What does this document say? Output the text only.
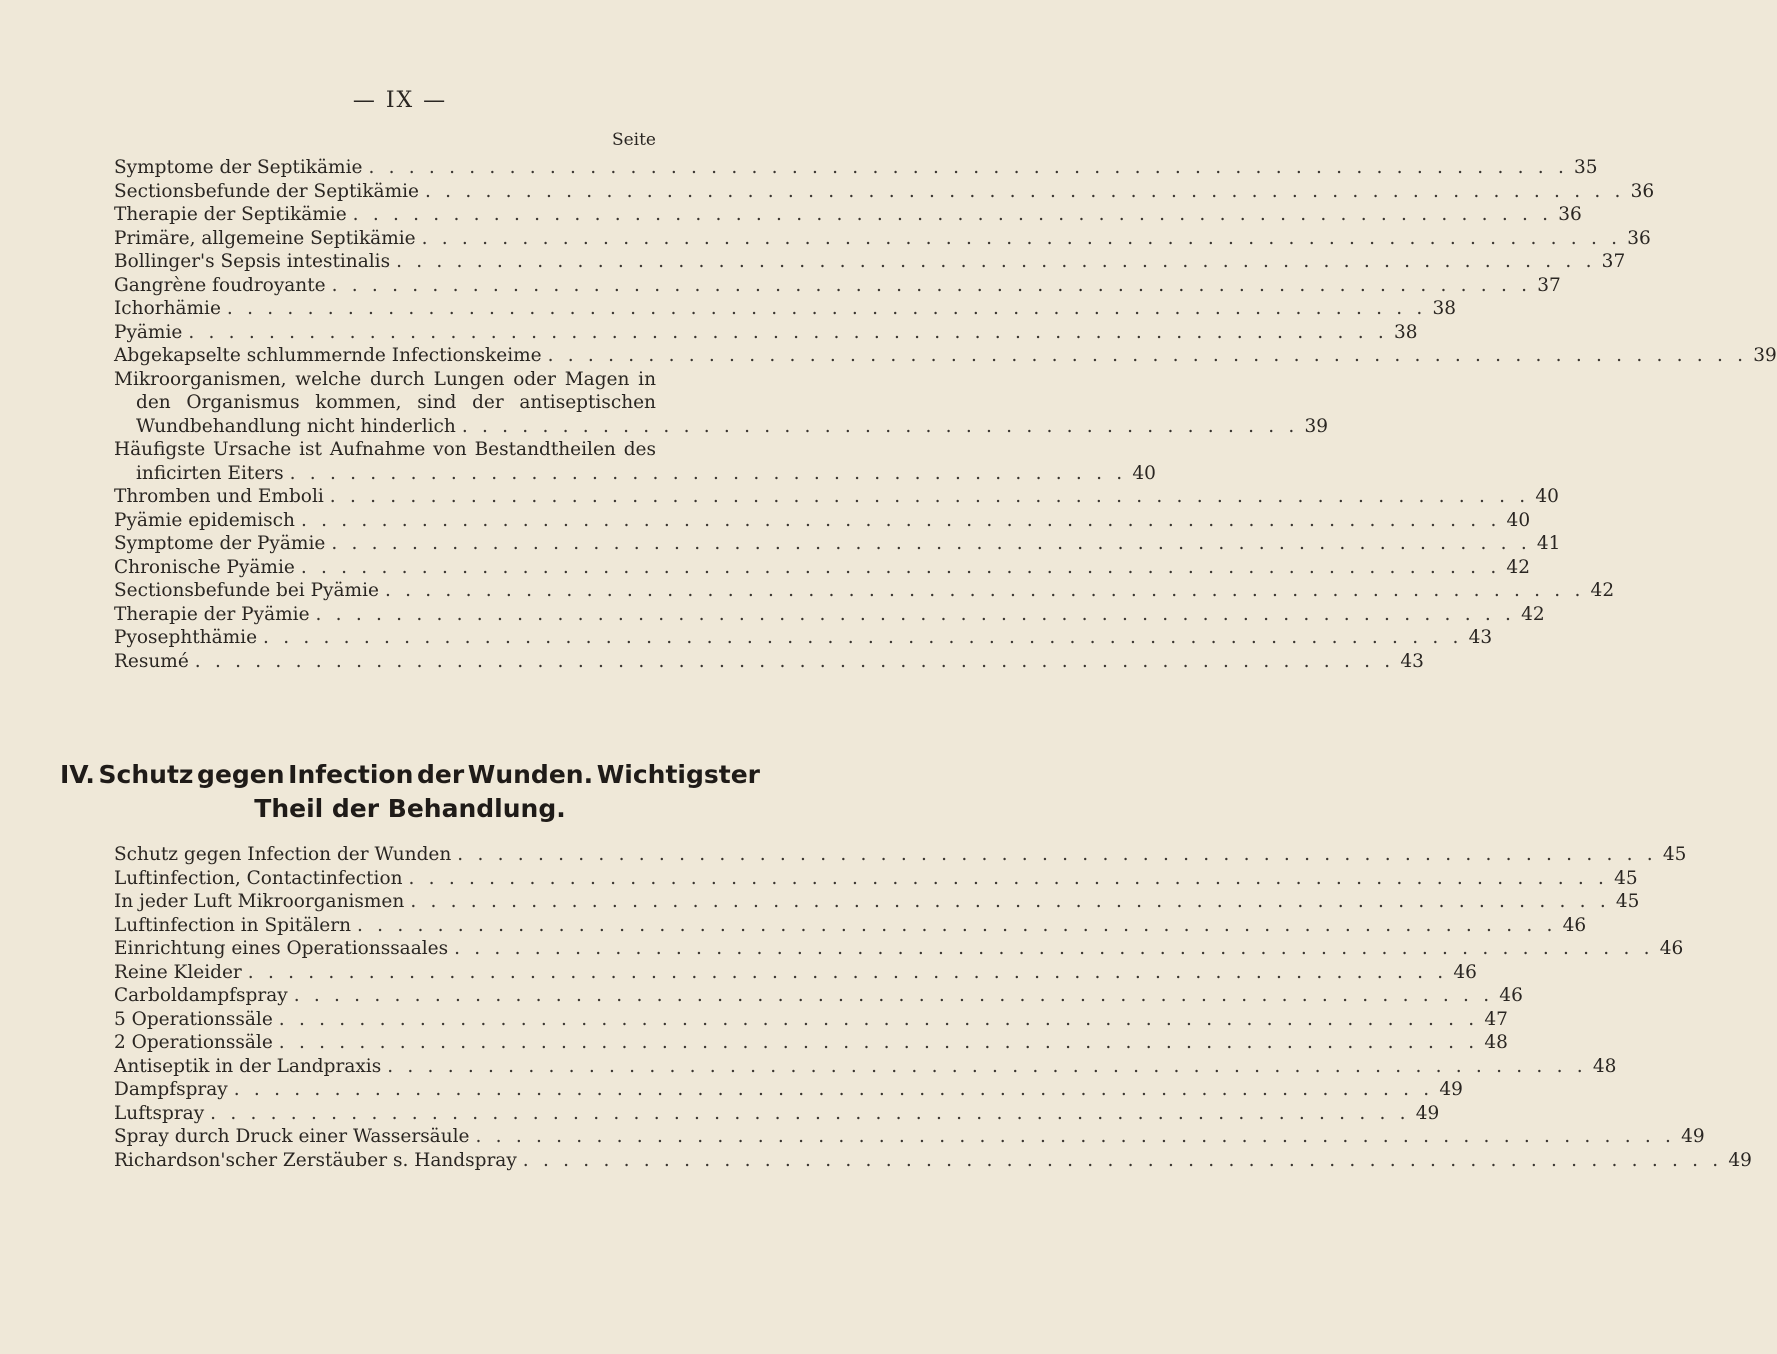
— IX —
Seite
Symptome der Septikämie . . . . . . . . . . . . . . . . . . . . . . . . . . . . . . . . . . . . . . . . . . . . . . . . . . . . . . . . . . . . 35
Sectionsbefunde der Septikämie . . . . . . . . . . . . . . . . . . . . . . . . . . . . . . . . . . . . . . . . . . . . . . . . . . . . . . . . . . . . 36
Therapie der Septikämie . . . . . . . . . . . . . . . . . . . . . . . . . . . . . . . . . . . . . . . . . . . . . . . . . . . . . . . . . . . . 36
Primäre, allgemeine Septikämie . . . . . . . . . . . . . . . . . . . . . . . . . . . . . . . . . . . . . . . . . . . . . . . . . . . . . . . . . . . . 36
Bollinger's Sepsis intestinalis . . . . . . . . . . . . . . . . . . . . . . . . . . . . . . . . . . . . . . . . . . . . . . . . . . . . . . . . . . . . 37
Gangrène foudroyante . . . . . . . . . . . . . . . . . . . . . . . . . . . . . . . . . . . . . . . . . . . . . . . . . . . . . . . . . . . . 37
Ichorhämie . . . . . . . . . . . . . . . . . . . . . . . . . . . . . . . . . . . . . . . . . . . . . . . . . . . . . . . . . . . . 38
Pyämie . . . . . . . . . . . . . . . . . . . . . . . . . . . . . . . . . . . . . . . . . . . . . . . . . . . . . . . . . . . . 38
Abgekapselte schlummernde Infectionskeime . . . . . . . . . . . . . . . . . . . . . . . . . . . . . . . . . . . . . . . . . . . . . . . . . . . . . . . . . . . . 39
Mikroorganismen, welche durch Lungen oder Magen in
den Organismus kommen, sind der antiseptischen
Wundbehandlung nicht hinderlich . . . . . . . . . . . . . . . . . . . . . . . . . . . . . . . . . . . . . . . . . . 39
Häufigste Ursache ist Aufnahme von Bestandtheilen des
inficirten Eiters . . . . . . . . . . . . . . . . . . . . . . . . . . . . . . . . . . . . . . . . . . 40
Thromben und Emboli . . . . . . . . . . . . . . . . . . . . . . . . . . . . . . . . . . . . . . . . . . . . . . . . . . . . . . . . . . . . 40
Pyämie epidemisch . . . . . . . . . . . . . . . . . . . . . . . . . . . . . . . . . . . . . . . . . . . . . . . . . . . . . . . . . . . . 40
Symptome der Pyämie . . . . . . . . . . . . . . . . . . . . . . . . . . . . . . . . . . . . . . . . . . . . . . . . . . . . . . . . . . . . 41
Chronische Pyämie . . . . . . . . . . . . . . . . . . . . . . . . . . . . . . . . . . . . . . . . . . . . . . . . . . . . . . . . . . . . 42
Sectionsbefunde bei Pyämie . . . . . . . . . . . . . . . . . . . . . . . . . . . . . . . . . . . . . . . . . . . . . . . . . . . . . . . . . . . . 42
Therapie der Pyämie . . . . . . . . . . . . . . . . . . . . . . . . . . . . . . . . . . . . . . . . . . . . . . . . . . . . . . . . . . . . 42
Pyosephthämie . . . . . . . . . . . . . . . . . . . . . . . . . . . . . . . . . . . . . . . . . . . . . . . . . . . . . . . . . . . . 43
Resumé . . . . . . . . . . . . . . . . . . . . . . . . . . . . . . . . . . . . . . . . . . . . . . . . . . . . . . . . . . . . 43
IV. Schutz gegen Infection der Wunden. Wichtigster
Theil der Behandlung.
Schutz gegen Infection der Wunden . . . . . . . . . . . . . . . . . . . . . . . . . . . . . . . . . . . . . . . . . . . . . . . . . . . . . . . . . . . . 45
Luftinfection, Contactinfection . . . . . . . . . . . . . . . . . . . . . . . . . . . . . . . . . . . . . . . . . . . . . . . . . . . . . . . . . . . . 45
In jeder Luft Mikroorganismen . . . . . . . . . . . . . . . . . . . . . . . . . . . . . . . . . . . . . . . . . . . . . . . . . . . . . . . . . . . . 45
Luftinfection in Spitälern . . . . . . . . . . . . . . . . . . . . . . . . . . . . . . . . . . . . . . . . . . . . . . . . . . . . . . . . . . . . 46
Einrichtung eines Operationssaales . . . . . . . . . . . . . . . . . . . . . . . . . . . . . . . . . . . . . . . . . . . . . . . . . . . . . . . . . . . . 46
Reine Kleider . . . . . . . . . . . . . . . . . . . . . . . . . . . . . . . . . . . . . . . . . . . . . . . . . . . . . . . . . . . . 46
Carboldampfspray . . . . . . . . . . . . . . . . . . . . . . . . . . . . . . . . . . . . . . . . . . . . . . . . . . . . . . . . . . . . 46
5 Operationssäle . . . . . . . . . . . . . . . . . . . . . . . . . . . . . . . . . . . . . . . . . . . . . . . . . . . . . . . . . . . . 47
2 Operationssäle . . . . . . . . . . . . . . . . . . . . . . . . . . . . . . . . . . . . . . . . . . . . . . . . . . . . . . . . . . . . 48
Antiseptik in der Landpraxis . . . . . . . . . . . . . . . . . . . . . . . . . . . . . . . . . . . . . . . . . . . . . . . . . . . . . . . . . . . . 48
Dampfspray . . . . . . . . . . . . . . . . . . . . . . . . . . . . . . . . . . . . . . . . . . . . . . . . . . . . . . . . . . . . 49
Luftspray . . . . . . . . . . . . . . . . . . . . . . . . . . . . . . . . . . . . . . . . . . . . . . . . . . . . . . . . . . . . 49
Spray durch Druck einer Wassersäule . . . . . . . . . . . . . . . . . . . . . . . . . . . . . . . . . . . . . . . . . . . . . . . . . . . . . . . . . . . . 49
Richardson'scher Zerstäuber s. Handspray . . . . . . . . . . . . . . . . . . . . . . . . . . . . . . . . . . . . . . . . . . . . . . . . . . . . . . . . . . . . 49
